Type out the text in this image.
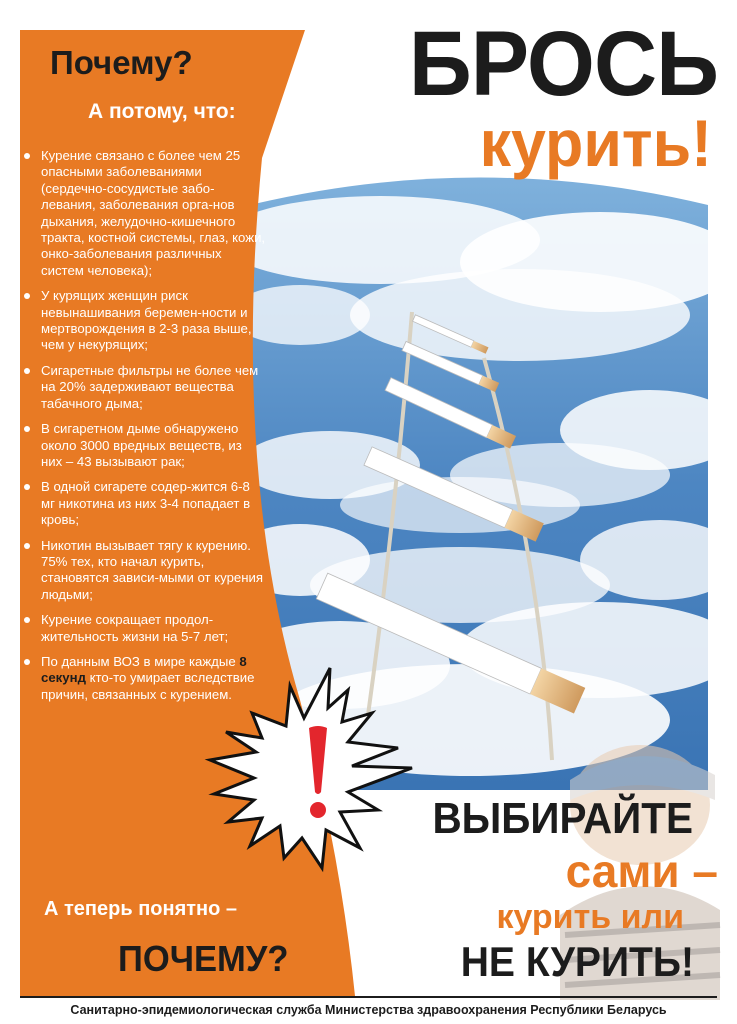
БРОСЬ
курить!
Почему?
А потому, что:
Курение связано с более чем 25 опасными заболеваниями (сердечно-сосудистые забо-левания, заболевания орга-нов дыхания, желудочно-кишечного тракта, костной системы, глаз, кожи, онко-заболевания различных систем человека);
У курящих женщин риск невынашивания беремен-ности и мертворождения в 2-3 раза выше, чем у некурящих;
Сигаретные фильтры не более чем на 20% задерживают вещества табачного дыма;
В сигаретном дыме обнаружено около 3000 вредных веществ, из них – 43 вызывают рак;
В одной сигарете содер-жится 6-8 мг никотина из них 3-4 попадает в кровь;
Никотин вызывает тягу к курению. 75% тех, кто начал курить, становятся зависи-мыми от курения людьми;
Курение сокращает продол-жительность жизни на 5-7 лет;
По данным ВОЗ в мире каждые 8 секунд кто-то умирает вследствие причин, связанных с курением.
А теперь понятно –
ПОЧЕМУ?
ВЫБИРАЙТЕ
сами –
курить или
НЕ КУРИТЬ!
Санитарно-эпидемиологическая служба Министерства здравоохранения Республики Беларусь
